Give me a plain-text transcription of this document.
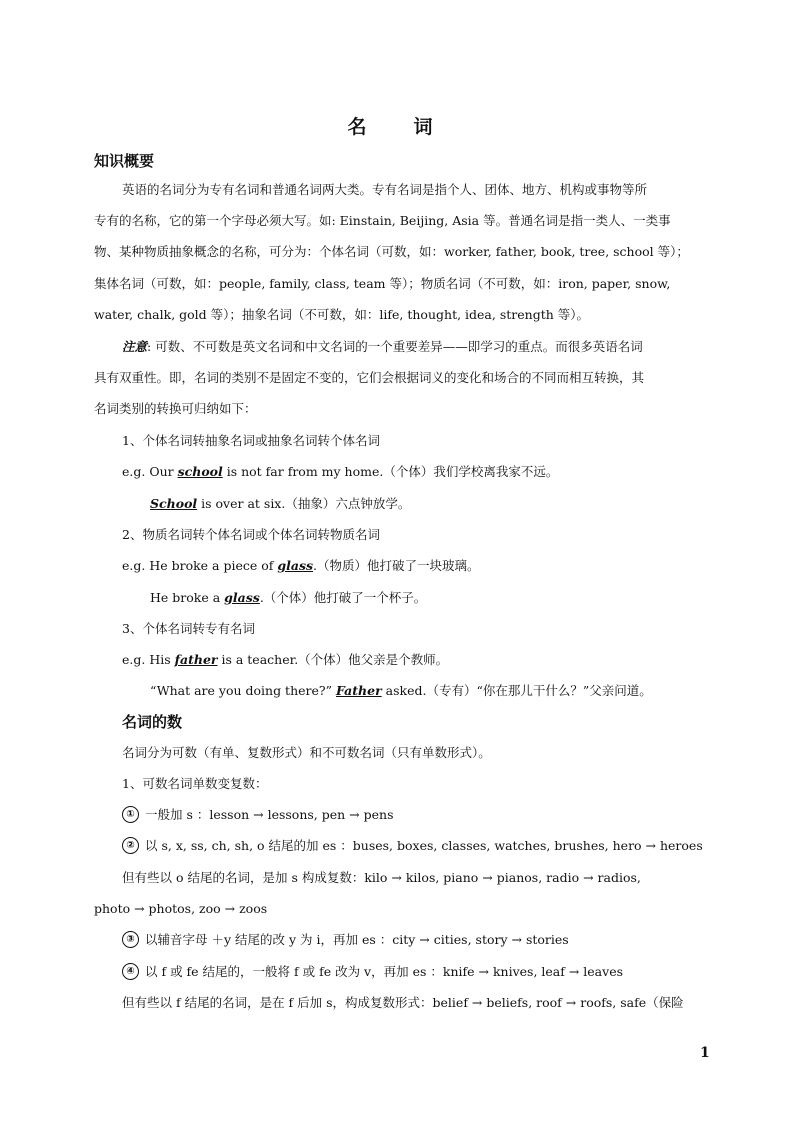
名　词
知识概要
英语的名词分为专有名词和普通名词两大类。专有名词是指个人、团体、地方、机构或事物等所
专有的名称，它的第一个字母必须大写。如: Einstain, Beijing, Asia 等。普通名词是指一类人、一类事
物、某种物质抽象概念的名称，可分为：个体名词（可数，如：worker, father, book, tree, school 等）；
集体名词（可数，如：people, family, class, team 等）；物质名词（不可数，如：iron, paper, snow,
water, chalk, gold 等）；抽象名词（不可数，如：life, thought, idea, strength 等）。
注意: 可数、不可数是英文名词和中文名词的一个重要差异——即学习的重点。而很多英语名词
具有双重性。即，名词的类别不是固定不变的，它们会根据词义的变化和场合的不同而相互转换，其
名词类别的转换可归纳如下：
1、个体名词转抽象名词或抽象名词转个体名词
e.g. Our school is not far from my home.（个体）我们学校离我家不远。
School is over at six.（抽象）六点钟放学。
2、物质名词转个体名词或个体名词转物质名词
e.g. He broke a piece of glass.（物质）他打破了一块玻璃。
He broke a glass.（个体）他打破了一个杯子。
3、个体名词转专有名词
e.g. His father is a teacher.（个体）他父亲是个教师。
“What are you doing there?” Father asked.（专有）“你在那儿干什么？”父亲问道。
名词的数
名词分为可数（有单、复数形式）和不可数名词（只有单数形式）。
1、可数名词单数变复数：
① 一般加 s ：lesson → lessons, pen → pens
② 以 s, x, ss, ch, sh, o 结尾的加 es ：buses, boxes, classes, watches, brushes, hero → heroes
但有些以 o 结尾的名词，是加 s 构成复数：kilo → kilos, piano → pianos, radio → radios,
photo → photos, zoo → zoos
③ 以辅音字母 ＋y 结尾的改 y 为 i，再加 es ：city → cities, story → stories
④ 以 f 或 fe 结尾的，一般将 f 或 fe 改为 v，再加 es ：knife → knives, leaf → leaves
但有些以 f 结尾的名词，是在 f 后加 s，构成复数形式：belief → beliefs, roof → roofs, safe（保险
1
